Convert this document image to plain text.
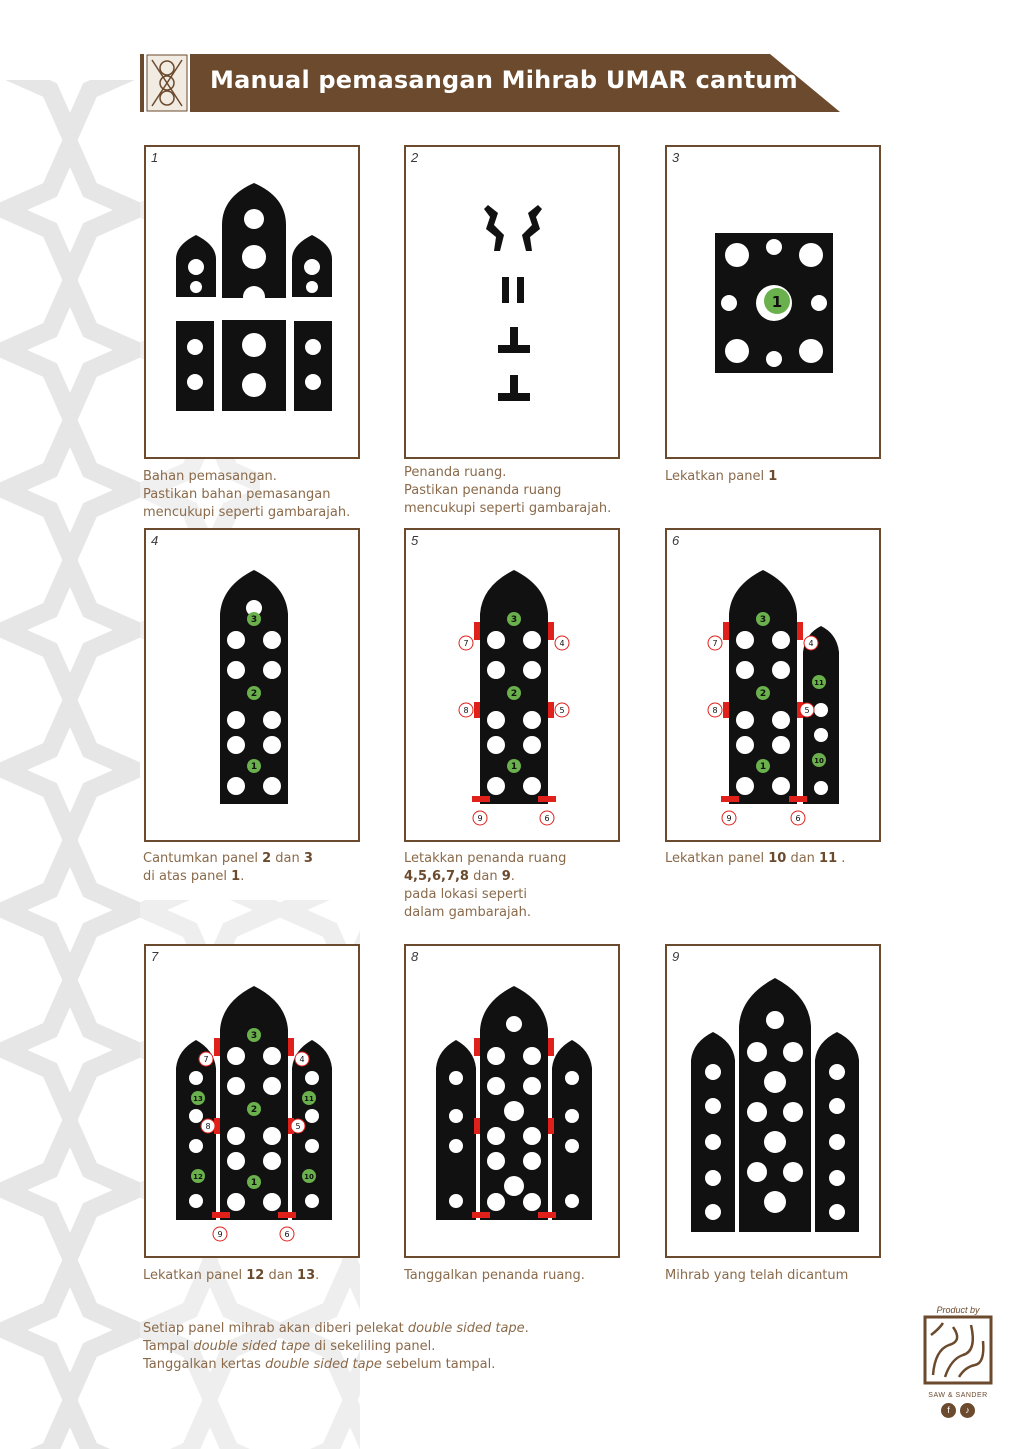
Manual pemasangan Mihrab UMAR cantum
1
Bahan pemasangan.
Pastikan bahan pemasangan
mencukupi seperti gambarajah.
2
Penanda ruang.
Pastikan penanda ruang
mencukupi seperti gambarajah.
3
1
Lekatkan panel 1
4
3
2
1
Cantumkan panel 2 dan 3
di atas panel 1.
5
3
2
1
7	4
8	5
9	6
Letakkan penanda ruang
4,5,6,7,8 dan 9.
pada lokasi seperti
dalam gambarajah.
6
3
2
1
11
10
7	4
8	5
9	6
Lekatkan panel 10 dan 11 .
7
3
2
1
13
12
11
10
7	4
8	5
9	6
Lekatkan panel 12 dan 13.
8
Tanggalkan penanda ruang.
9
Mihrab yang telah dicantum
Setiap panel mihrab akan diberi pelekat double sided tape.
Tampal double sided tape di sekeliling panel.
Tanggalkan kertas double sided tape sebelum tampal.
Product by
SAW & SANDER
f	♪
